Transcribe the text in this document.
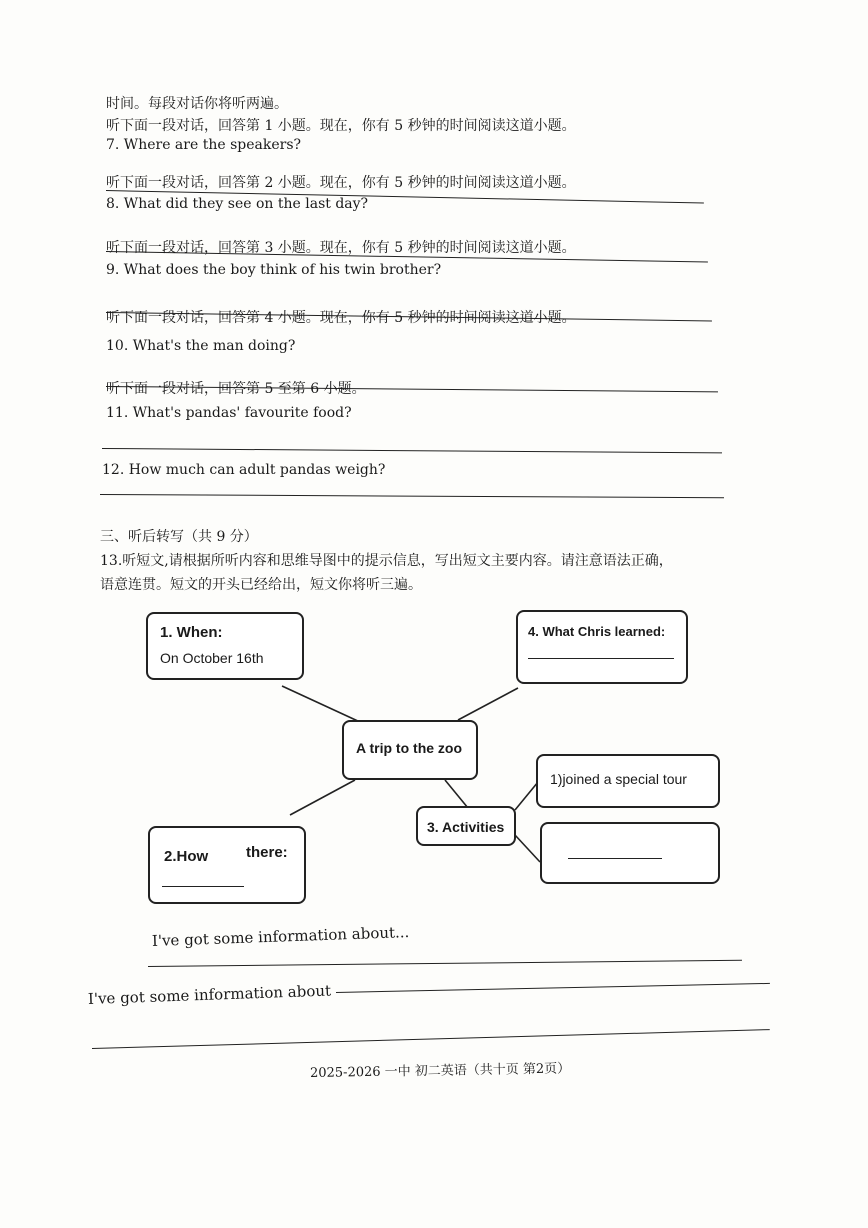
时间。每段对话你将听两遍。
听下面一段对话，回答第 1 小题。现在，你有 5 秒钟的时间阅读这道小题。
7. Where are the speakers?
听下面一段对话，回答第 2 小题。现在，你有 5 秒钟的时间阅读这道小题。
8. What did they see on the last day?
听下面一段对话，回答第 3 小题。现在，你有 5 秒钟的时间阅读这道小题。
9. What does the boy think of his twin brother?
听下面一段对话，回答第 4 小题。现在，你有 5 秒钟的时间阅读这道小题。
10. What's the man doing?
听下面一段对话，回答第 5 至第 6 小题。
11. What's pandas' favourite food?
12. How much can adult pandas weigh?
三、听后转写（共 9 分）
13.听短文,请根据所听内容和思维导图中的提示信息，写出短文主要内容。请注意语法正确，
语意连贯。短文的开头已经给出，短文你将听三遍。
1. When:
On October 16th
4. What Chris learned:
A trip to the zoo
3. Activities
1)joined a special tour
2.How	there:
I've got some information about...
I've got some information about
2025-2026 一中 初二英语（共十页 第2页）
